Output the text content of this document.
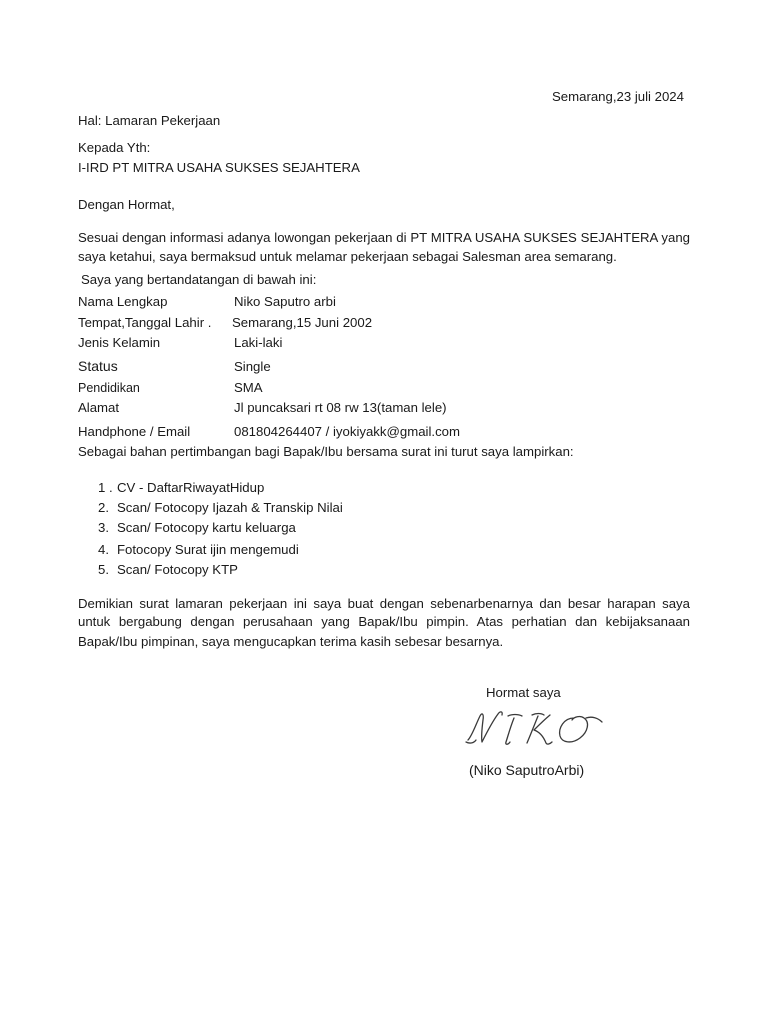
Semarang,23 juli 2024
Hal: Lamaran Pekerjaan
Kepada Yth:
I-IRD PT MITRA USAHA SUKSES SEJAHTERA
Dengan Hormat,
Sesuai dengan informasi adanya lowongan pekerjaan di PT MITRA USAHA SUKSES SEJAHTERA yang
saya ketahui, saya bermaksud untuk melamar pekerjaan sebagai Salesman area semarang.
Saya yang bertandatangan di bawah ini:
Nama Lengkap	Niko Saputro arbi
Tempat,Tanggal Lahir . Semarang,15 Juni 2002
Jenis Kelamin	Laki-laki
Status	Single
Pendidikan	SMA
Alamat	Jl puncaksari rt 08 rw 13(taman lele)
Handphone / Email	081804264407 / iyokiyakk@gmail.com
Sebagai bahan pertimbangan bagi Bapak/Ibu bersama surat ini turut saya lampirkan:
1 . CV - DaftarRiwayatHidup
2. Scan/ Fotocopy Ijazah & Transkip Nilai
3. Scan/ Fotocopy kartu keluarga
4. Fotocopy Surat ijin mengemudi
5. Scan/ Fotocopy KTP
Demikian surat lamaran pekerjaan ini saya buat dengan sebenarbenarnya dan besar harapan saya
untuk bergabung dengan perusahaan yang Bapak/Ibu pimpin. Atas perhatian dan kebijaksanaan
Bapak/Ibu pimpinan, saya mengucapkan terima kasih sebesar besarnya.
Hormat saya
(Niko SaputroArbi)
